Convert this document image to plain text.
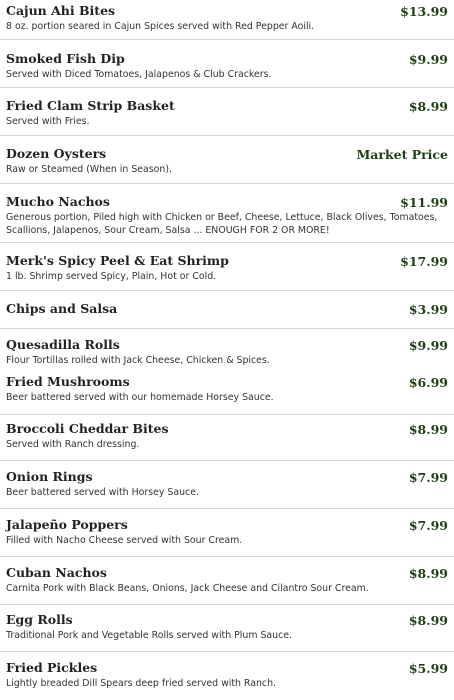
Cajun Ahi Bites	$13.99
8 oz. portion seared in Cajun Spices served with Red Pepper Aoili.
Smoked Fish Dip	$9.99
Served with Diced Tomatoes, Jalapenos & Club Crackers.
Fried Clam Strip Basket	$8.99
Served with Fries.
Dozen Oysters	Market Price
Raw or Steamed (When in Season).
Mucho Nachos	$11.99
Generous portion, Piled high with Chicken or Beef, Cheese, Lettuce, Black Olives, Tomatoes,
Scallions, Jalapenos, Sour Cream, Salsa ... ENOUGH FOR 2 OR MORE!
Merk's Spicy Peel & Eat Shrimp	$17.99
1 lb. Shrimp served Spicy, Plain, Hot or Cold.
Chips and Salsa	$3.99
Quesadilla Rolls	$9.99
Flour Tortillas rolled with Jack Cheese, Chicken & Spices.
Fried Mushrooms	$6.99
Beer battered served with our homemade Horsey Sauce.
Broccoli Cheddar Bites	$8.99
Served with Ranch dressing.
Onion Rings	$7.99
Beer battered served with Horsey Sauce.
Jalapeño Poppers	$7.99
Filled with Nacho Cheese served with Sour Cream.
Cuban Nachos	$8.99
Carnita Pork with Black Beans, Onions, Jack Cheese and Cilantro Sour Cream.
Egg Rolls	$8.99
Traditional Pork and Vegetable Rolls served with Plum Sauce.
Fried Pickles	$5.99
Lightly breaded Dill Spears deep fried served with Ranch.
